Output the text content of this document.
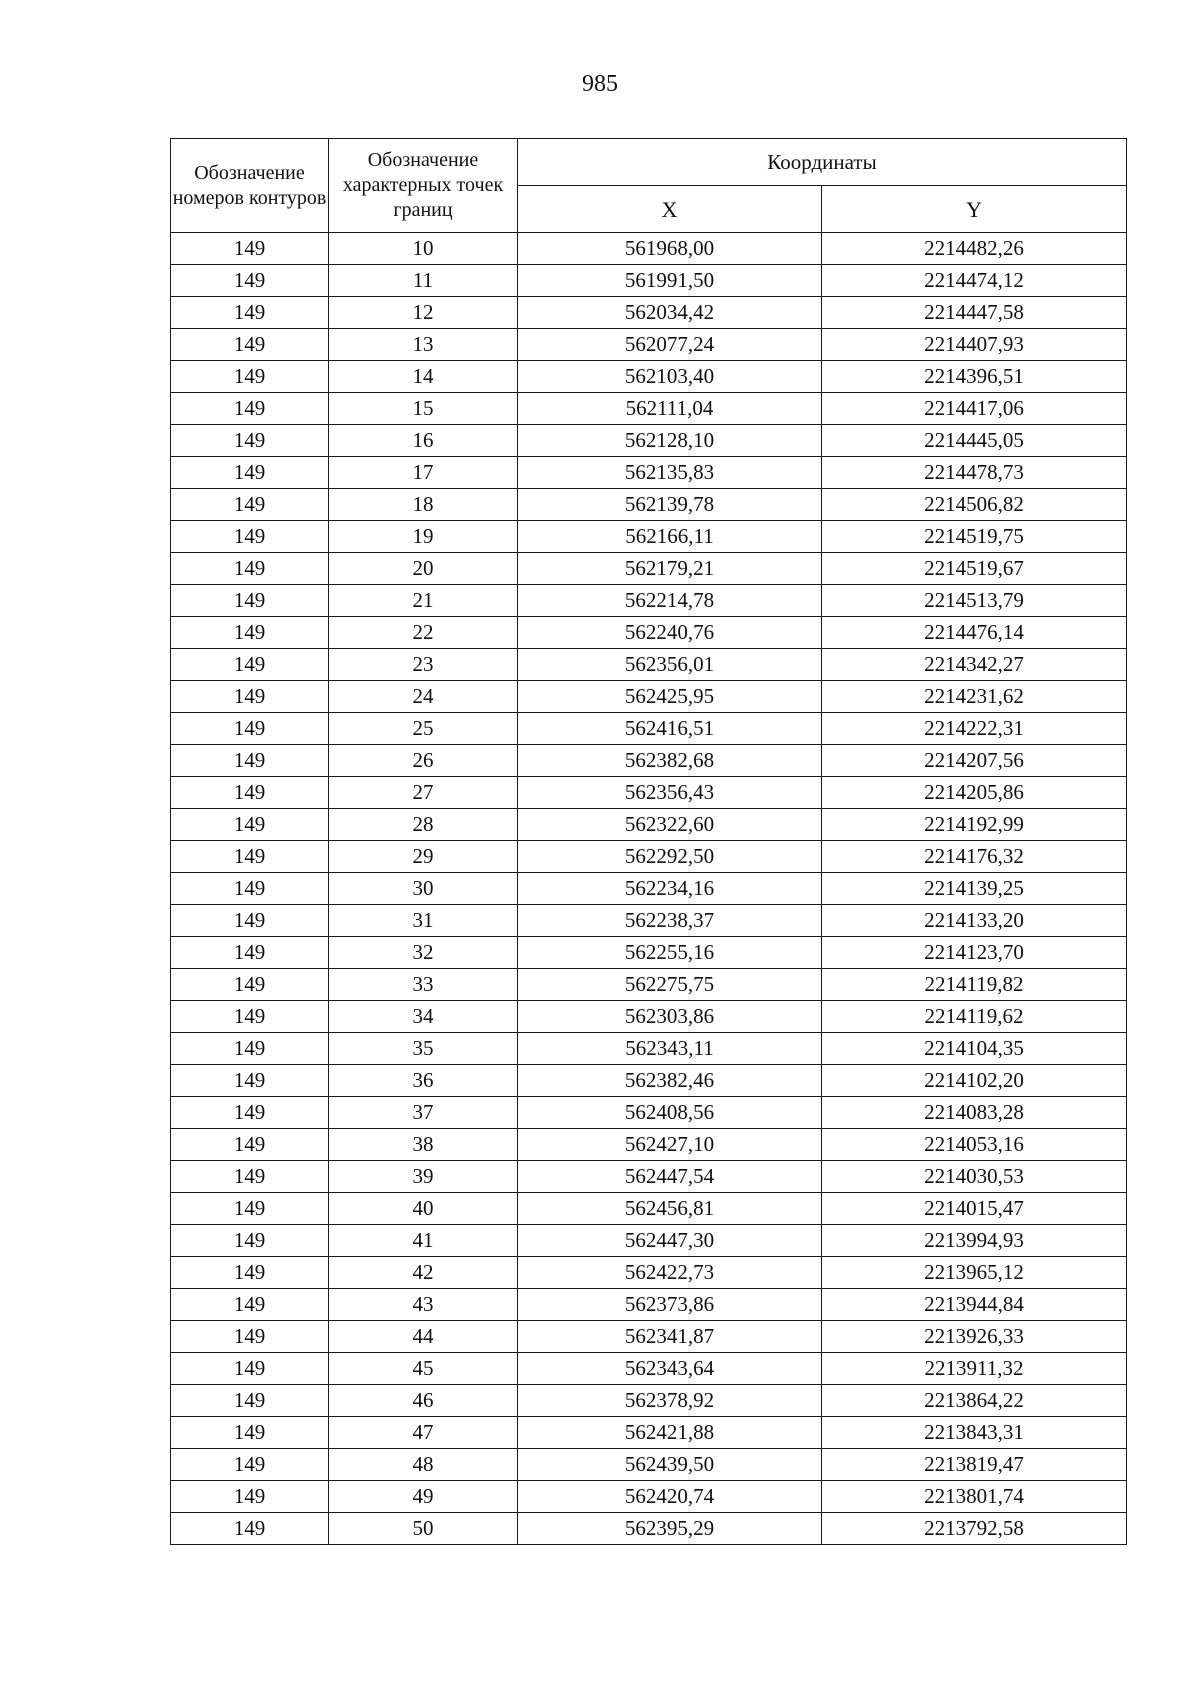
985
Обозначение номеров контуров	Обозначение характерных точек границ	Координаты	
		X	Y
149	10	561968,00	2214482,26
149	11	561991,50	2214474,12
149	12	562034,42	2214447,58
149	13	562077,24	2214407,93
149	14	562103,40	2214396,51
149	15	562111,04	2214417,06
149	16	562128,10	2214445,05
149	17	562135,83	2214478,73
149	18	562139,78	2214506,82
149	19	562166,11	2214519,75
149	20	562179,21	2214519,67
149	21	562214,78	2214513,79
149	22	562240,76	2214476,14
149	23	562356,01	2214342,27
149	24	562425,95	2214231,62
149	25	562416,51	2214222,31
149	26	562382,68	2214207,56
149	27	562356,43	2214205,86
149	28	562322,60	2214192,99
149	29	562292,50	2214176,32
149	30	562234,16	2214139,25
149	31	562238,37	2214133,20
149	32	562255,16	2214123,70
149	33	562275,75	2214119,82
149	34	562303,86	2214119,62
149	35	562343,11	2214104,35
149	36	562382,46	2214102,20
149	37	562408,56	2214083,28
149	38	562427,10	2214053,16
149	39	562447,54	2214030,53
149	40	562456,81	2214015,47
149	41	562447,30	2213994,93
149	42	562422,73	2213965,12
149	43	562373,86	2213944,84
149	44	562341,87	2213926,33
149	45	562343,64	2213911,32
149	46	562378,92	2213864,22
149	47	562421,88	2213843,31
149	48	562439,50	2213819,47
149	49	562420,74	2213801,74
149	50	562395,29	2213792,58
